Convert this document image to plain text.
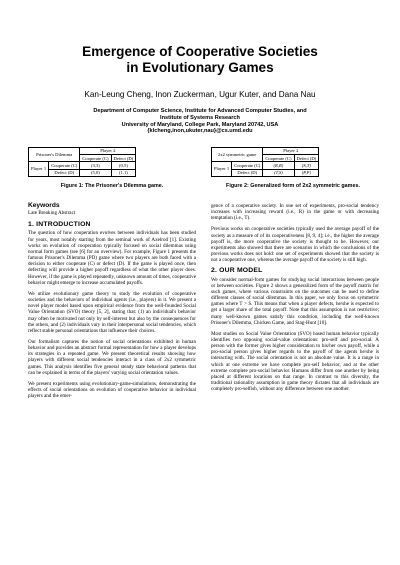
Emergence of Cooperative Societies
in Evolutionary Games
Kan-Leung Cheng, Inon Zuckerman, Ugur Kuter, and Dana Nau
Department of Computer Science, Institute for Advanced Computer Studies, and
Institute of Systems Research
University of Maryland, College Park, Maryland 20742, USA
{klcheng,inon,ukuter,nau}@cs.umd.edu
Prisoner's Dilemma		Player 2	
		Cooperate (C)	Defect (D)
Player 1	Cooperate (C)	(3,3)	(0,5)
	Defect (D)	(5,0)	(1,1)
Figure 1: The Prisoner's Dilemma game.
2x2 symmetric game		Player 2	
		Cooperate (C)	Defect (D)
Player 1	Cooperate (C)	(R,R)	(S,T)
	Defect (D)	(T,S)	(P,P)
Figure 2: Generalized form of 2x2 symmetric games.
Keywords
Late Breaking Abstract
1. INTRODUCTION

The question of how cooperation evolves between individuals has been studied for years, most notably starting from the seminal work of Axelrod [1]. Existing works on evolution of cooperation typically focused on social dilemmas using normal form games (see [6] for an overview). For example, Figure 1 presents the famous Prisoner's Dilemma (PD) game where two players are both faced with a decision to either cooperate (C) or defect (D). If the game is played once, then defecting will provide a higher payoff regardless of what the other player does. However, if the game is played repeatedly, unknown amount of times, cooperative behavior might emerge to increase accumulated payoffs.

We utilize evolutionary game theory to study the evolution of cooperative societies and the behaviors of individual agents (i.e., players) in it. We present a novel player model based upon empirical evidence from the well-founded Social Value Orientation (SVO) theory [5, 2], stating that: (1) an individual's behavior may often be motivated not only by self-interest but also by the consequences for the others, and (2) individuals vary in their interpersonal social tendencies, which reflect stable personal orientations that influence their choices.

Our formalism captures the notion of social orientations exhibited in human behavior and provides an abstract formal representation for how a player develops its strategies in a repeated game. We present theoretical results showing how players with different social tendencies interact in a class of 2x2 symmetric games. This analysis identifies five general steady state behavioral patterns that can be explained in terms of the players' varying social orientation values.

We present experiments using evolutionary-game-simulations, demonstrating the effects of social orientations on evolution of cooperative behavior in individual players and the emer-

gence of a cooperative society. In one set of experiments, pro-social tendency increases with increasing reward (i.e., R) in the game or with decreasing temptation (i.e., T).

Previous works on cooperative societies typically used the average payoff of the society as a measure of of its cooperativeness [8, 9, 4]; i.e., the higher the average payoff is, the more cooperative the society is thought to be. However, our experiments also showed that there are scenarios in which the conclusions of the previous works does not hold: one set of experiments showed that the society is not a cooperative one, whereas the average payoff of the society is still high.

2. OUR MODEL

We consider normal-form games for studying social interactions between people or between societies. Figure 2 shows a generalized form of the payoff matrix for such games, where various constraints on the outcomes can be used to define different classes of social dilemmas. In this paper, we only focus on symmetric games where T > S. This means that when a player defects, he/she is expected to get a larger share of the total payoff. Note that this assumption is not restrictive; many well-known games satisfy this condition, including the well-known Prisoner's Dilemma, Chicken Game, and Stag-Hunt [10].

Most studies on Social Value Orientation (SVO) based human behavior typically identifies two opposing social-value orientations: pro-self and pro-social. A person with the former gives higher consideration to his/her own payoff, while a pro-social person gives higher regards to the payoff of the agents he/she is interacting with. The social orientation is not an absolute value. It is a range in which at one extreme we have complete pro-self behavior, and at the other extreme complete pro-social behavior. Humans differ from one another by being placed at different locations on that range. In contrast to this diversity, the traditional rationality assumption in game theory dictates that all individuals are completely pro-selfish, without any difference between one another.
